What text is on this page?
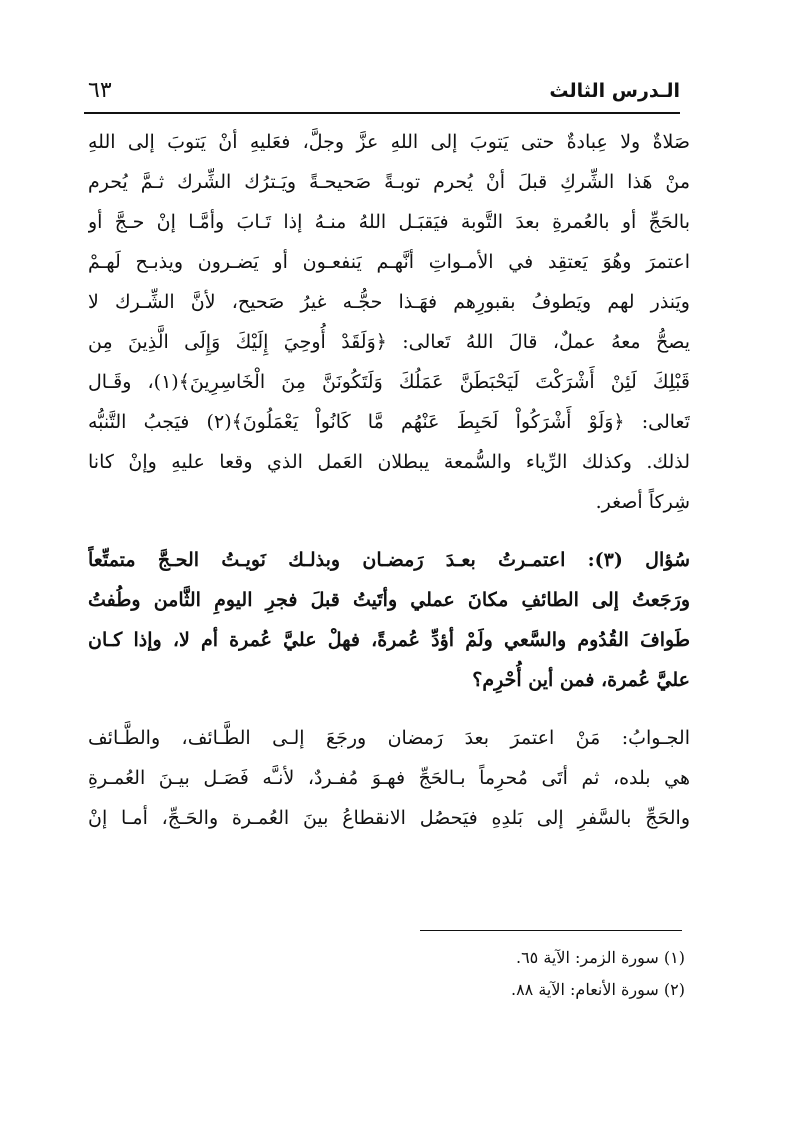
الـدرس الثالث
٦٣
صَلاةٌ ولا عِبادةٌ حتى يَتوبَ إلى اللهِ عزَّ وجلَّ، فعَليهِ أنْ يَتوبَ إلى اللهِ
منْ هَذا الشِّركِ قبلَ أنْ يُحرم توبـةً صَحيحـةً ويَـترُك الشِّرك ثـمَّ يُحرم
بالحَجِّ أو بالعُمرةِ بعدَ التَّوبة فيَقبَـل اللهُ منـهُ إذا تَـابَ وأمَّـا إنْ حـجَّ أو
اعتمرَ وهُوَ يَعتقِد في الأمـواتِ أنَّهـم يَنفعـون أو يَضـرون ويذبـح لَهـمْ
ويَنذر لهم ويَطوفُ بقبورِهم فهَـذا حجُّـه غيرُ صَحيح، لأنَّ الشِّـرك لا
يصحُّ معهُ عملٌ، قالَ اللهُ تَعالى: ﴿وَلَقَدْ أُوحِيَ إِلَيْكَ وَإِلَى الَّذِينَ مِن
قَبْلِكَ لَئِنْ أَشْرَكْتَ لَيَحْبَطَنَّ عَمَلُكَ وَلَتَكُونَنَّ مِنَ الْخَاسِرِينَ﴾(١)، وقَـال
تَعالى: ﴿وَلَوْ أَشْرَكُواْ لَحَبِطَ عَنْهُم مَّا كَانُواْ يَعْمَلُونَ﴾(٢) فيَجبُ التَّنبُّه
لذلك. وكذلك الرِّياء والسُّمعة يبطلان العَمل الذي وقعا عليهِ وإنْ كانا
شِركاً أصغر.
سُؤال (٣): اعتمـرتُ بعـدَ رَمضـان وبذلـك نَويـتُ الحـجَّ متمتِّعاً
ورَجَعتُ إلى الطائفِ مكانَ عملي وأتَيتُ قبلَ فجرِ اليومِ الثَّامن وطُفتُ
طَوافَ القُدُوم والسَّعي ولَمْ أؤدِّ عُمرةً، فهلْ عليَّ عُمرة أم لا، وإذا كـان
عليَّ عُمرة، فمن أين أُحْرِم؟
الجـوابُ: مَنْ اعتمرَ بعدَ رَمضان ورجَعَ إلـى الطَّـائف، والطَّـائف
هي بلده، ثم أتَى مُحرِماً بـالحَجِّ فهـوَ مُفـردٌ، لأنـَّه فَصَـل بيـنَ العُمـرةِ
والحَجِّ بالسَّفرِ إلى بَلدِهِ فيَحصُل الانقطاعُ بينَ العُمـرة والحَـجِّ، أمـا إنْ
(١) سورة الزمر: الآية ٦٥.
(٢) سورة الأنعام: الآية ٨٨.
